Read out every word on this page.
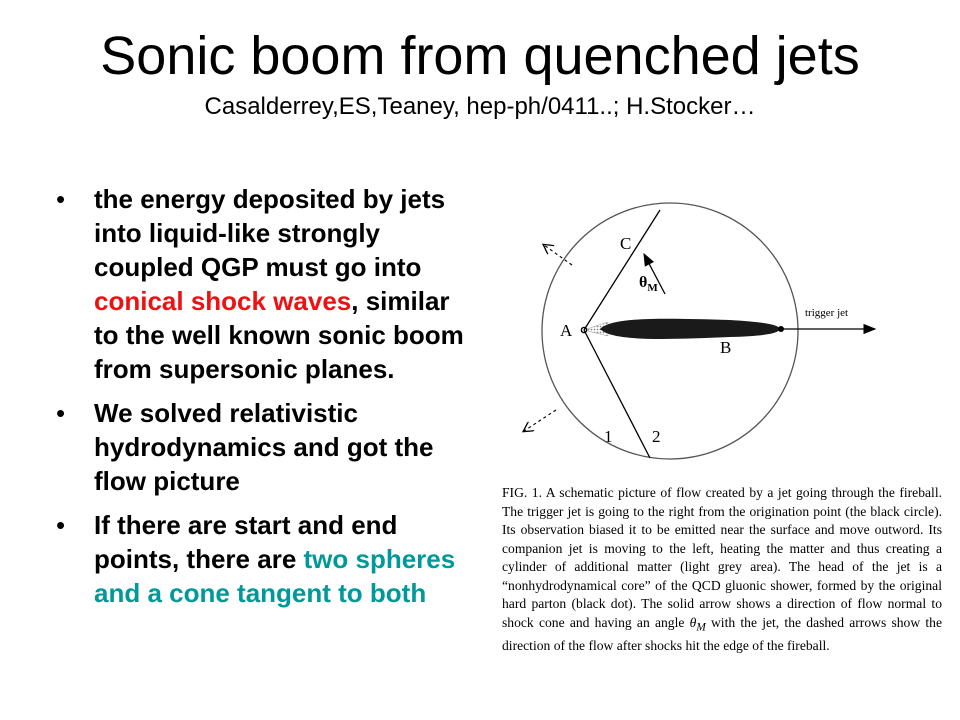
Sonic boom from quenched jets
Casalderrey,ES,Teaney, hep-ph/0411..; H.Stocker…
• the energy deposited by jets into liquid-like strongly coupled QGP must go into conical shock waves, similar to the well known sonic boom from supersonic planes.
• We solved relativistic hydrodynamics and got the flow picture
• If there are start and end points, there are two spheres and a cone tangent to both
C
$\theta_M$
A
B
1 2
trigger jet
FIG. 1. A schematic picture of flow created by a jet going through the fireball. The trigger jet is going to the right from the origination point (the black circle). Its observation biased it to be emitted near the surface and move outword. Its companion jet is moving to the left, heating the matter and thus creating a cylinder of additional matter (light grey area). The head of the jet is a “nonhydrodynamical core” of the QCD gluonic shower, formed by the original hard parton (black dot). The solid arrow shows a direction of flow normal to shock cone and having an angle $\theta_M$ with the jet, the dashed arrows show the direction of the flow after shocks hit the edge of the fireball.
